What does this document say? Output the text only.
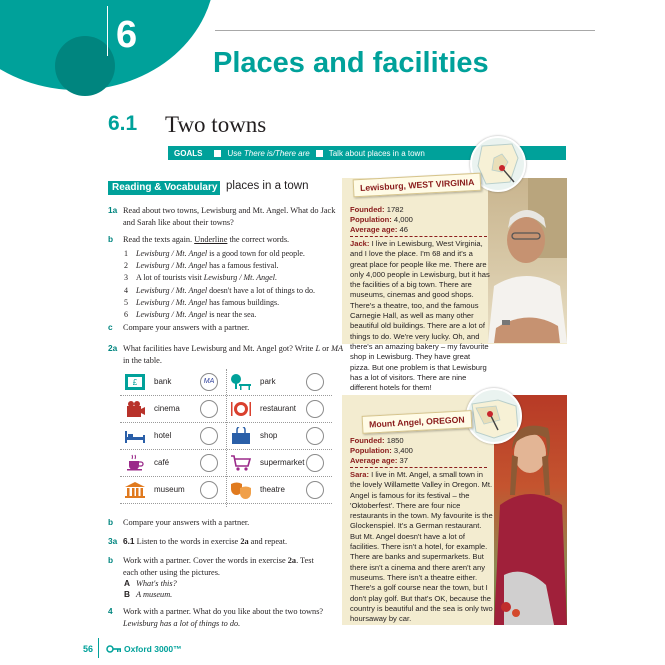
6
Places and facilities
6.1 Two towns
GOALS	Use There is/There are Talk about places in a town
Reading & Vocabulary places in a town
1a Read about two towns, Lewisburg and Mt. Angel. What do Jack and Sarah like about their towns?
b Read the texts again. Underline the correct words.
1 Lewisburg / Mt. Angel is a good town for old people.
2 Lewisburg / Mt. Angel has a famous festival.
3 A lot of tourists visit Lewisburg / Mt. Angel.
4 Lewisburg / Mt. Angel doesn't have a lot of things to do.
5 Lewisburg / Mt. Angel has famous buildings.
6 Lewisburg / Mt. Angel is near the sea.
c Compare your answers with a partner.
2a What facilities have Lewisburg and Mt. Angel got? Write L or MA in the table.
£ bank	MA	park
cinema	restaurant
hotel	shop
café	supermarket
museum	theatre
b Compare your answers with a partner.
3a 6.1 Listen to the words in exercise 2a and repeat.
b Work with a partner. Cover the words in exercise 2a. Test each other using the pictures.
A What's this?
B A museum.
4 Work with a partner. What do you like about the two towns?
Lewisburg has a lot of things to do.
Lewisburg, WEST VIRGINIA
Founded: 1782
Population: 4,000
Average age: 46
Jack: I live in Lewisburg, West Virginia, and I love the place. I'm 68 and it's a great place for people like me. There are only 4,000 people in Lewisburg, but it has the facilities of a big town. There are museums, cinemas and good shops. There's a theatre, too, and the famous Carnegie Hall, as well as many other beautiful old buildings. There are a lot of things to do. We're very lucky. Oh, and there's an amazing bakery – my favourite shop in Lewisburg. They have great pizza. But one problem is that Lewisburg has a lot of visitors. There are nine different hotels for them!
Mount Angel, OREGON
Founded: 1850
Population: 3,400
Average age: 37
Sara: I live in Mt. Angel, a small town in the lovely Willamette Valley in Oregon. Mt. Angel is famous for its festival – the 'Oktoberfest'. There are four nice restaurants in the town. My favourite is the Glockenspiel. It's a German restaurant. But Mt. Angel doesn't have a lot of facilities. There isn't a hotel, for example. There are banks and supermarkets. But there isn't a cinema and there aren't any museums. There isn't a theatre either. There's a golf course near the town, but I don't play golf. But that's OK, because the country is beautiful and the sea is only two hoursaway by car.
56	Oxford 3000™
